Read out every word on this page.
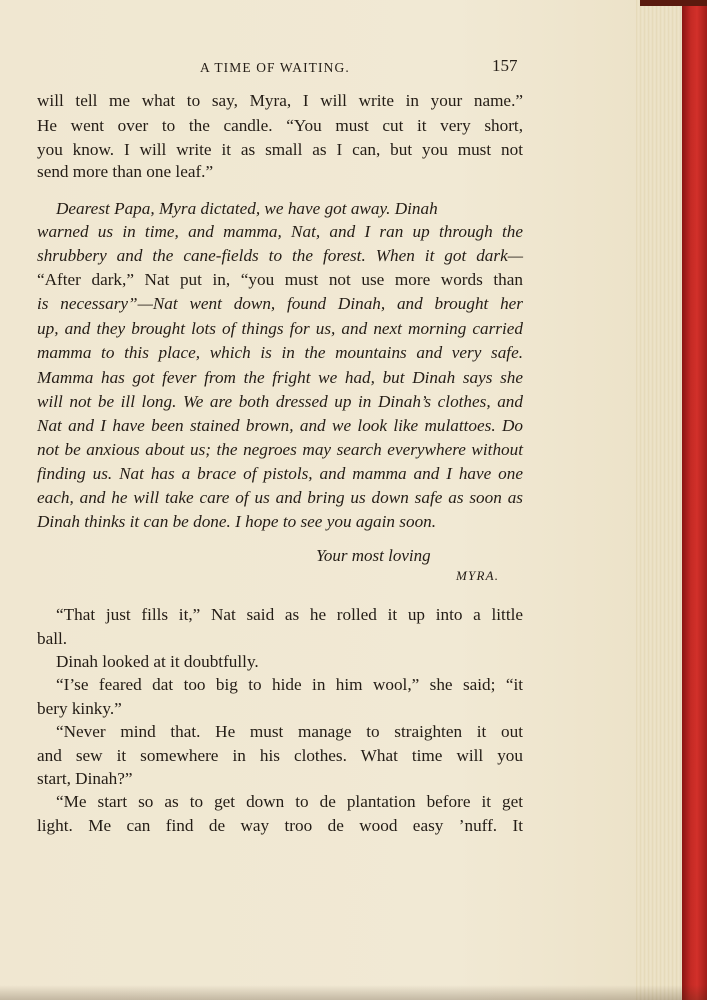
A TIME OF WAITING.	157
will tell me what to say, Myra, I will write in your name.”
He went over to the candle. “You must cut it very short,
you know. I will write it as small as I can, but you must not
send more than one leaf.”
Dearest Papa, Myra dictated, we have got away. Dinah
warned us in time, and mamma, Nat, and I ran up through the
shrubbery and the cane-fields to the forest. When it got dark—
“After dark,” Nat put in, “you must not use more words than
is necessary”—Nat went down, found Dinah, and brought her
up, and they brought lots of things for us, and next morning carried
mamma to this place, which is in the mountains and very safe.
Mamma has got fever from the fright we had, but Dinah says she
will not be ill long. We are both dressed up in Dinah’s clothes, and
Nat and I have been stained brown, and we look like mulattoes. Do
not be anxious about us; the negroes may search everywhere without
finding us. Nat has a brace of pistols, and mamma and I have one
each, and he will take care of us and bring us down safe as soon as
Dinah thinks it can be done. I hope to see you again soon.
Your most loving
MYRA.
“That just fills it,” Nat said as he rolled it up into a little
ball.
Dinah looked at it doubtfully.
“I’se feared dat too big to hide in him wool,” she said; “it
bery kinky.”
“Never mind that. He must manage to straighten it out
and sew it somewhere in his clothes. What time will you
start, Dinah?”
“Me start so as to get down to de plantation before it get
light. Me can find de way troo de wood easy ’nuff. It
